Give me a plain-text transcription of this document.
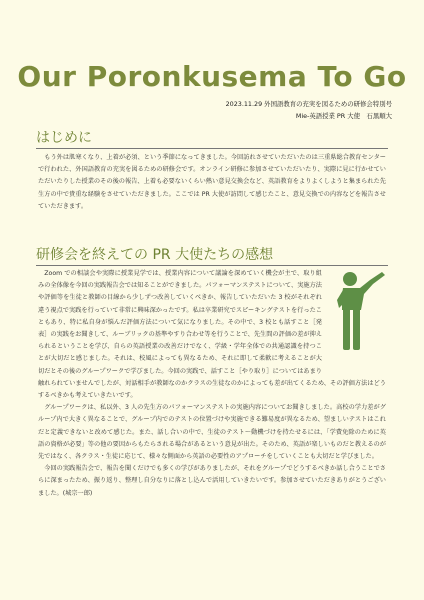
Our Poronkusema To Go
2023.11.29 外国語教育の充実を図るための研修会特別号
Mie-英語授業 PR 大使　石黒順大
はじめに

　もう外は肌寒くなり、上着が必須、という季節になってきました。今回訪れさせていただいたのは三重県総合教育センターで行われた、外国語教育の充実を図るための研修会です。オンライン研修に参加させていただいたり、実際に見に行かせていただいたりした授業のその後の報告、上着も必要ないくらい熱い意見交換会など、英語教育をよりよくしようと集まられた先生方の中で貴重な経験をさせていただきました。ここでは PR 大使が訪問して感じたこと、意見交換での内容などを報告させていただきます。

研修会を終えての PR 大使たちの感想

　Zoom での相談会や実際に授業見学では、授業内容について議論を深めていく機会が主で、取り組みの全体像を今回の実践報告会では知ることができました。パフォーマンステストについて、実施方法や評価等を生徒と教師の目線から少しずつ改善していくべきか、報告していただいた 3 校がそれぞれ違う視点で実践を行っていて非常に興味深かったです。私は卒業研究でスピーキングテストを行ったこともあり、特に私自身が悩んだ評価方法について気になりました。その中で、3 校とも話すこと［発表］の実践をお聞きして、ルーブリックの基準やすり合わせ等を行うことで、先生間の評価の差が抑えられるということを学び、自らの英語授業の改善だけでなく、学級・学年全体での共通認識を持つことが大切だと感じました。それは、校風によっても異なるため、それに即して柔軟に考えることが大切だとその後のグループワークで学びました。今回の実践で、話すこと［やり取り］についてはあまり触れられていませんでしたが、対話相手が教師なのかクラスの生徒なのかによっても差が出てくるため、その評価方法はどうするべきかも考えていきたいです。

　グループワークは、私以外、3 人の先生方のパフォーマンステストの実施内容についてお聞きしました。高校の学力差がグループ内で大きく異なることで、グループ内でのテストの位置づけや実施できる難易度が異なるため、望ましいテストはこれだと定義できないと改めて感じた。また、話し合いの中で、生徒のテスト～動機づけを持たせるには、「学費免除のために英語の資格が必要」等の他の要因からもたらされる場合があるという意見が出た。そのため、英語が楽しいものだと教えるのが先ではなく、各クラス・生徒に応じて、様々な側面から英語の必要性のアプローチをしていくことも大切だと学びました。

　今回の実践報告会で、報告を聞くだけでも多くの学びがありましたが、それをグループでどうするべきか話し合うことでさらに深まったため、振り返り、整理し自分なりに落とし込んで活用していきたいです。参加させていただきありがとうございました。(城宗一郎)
